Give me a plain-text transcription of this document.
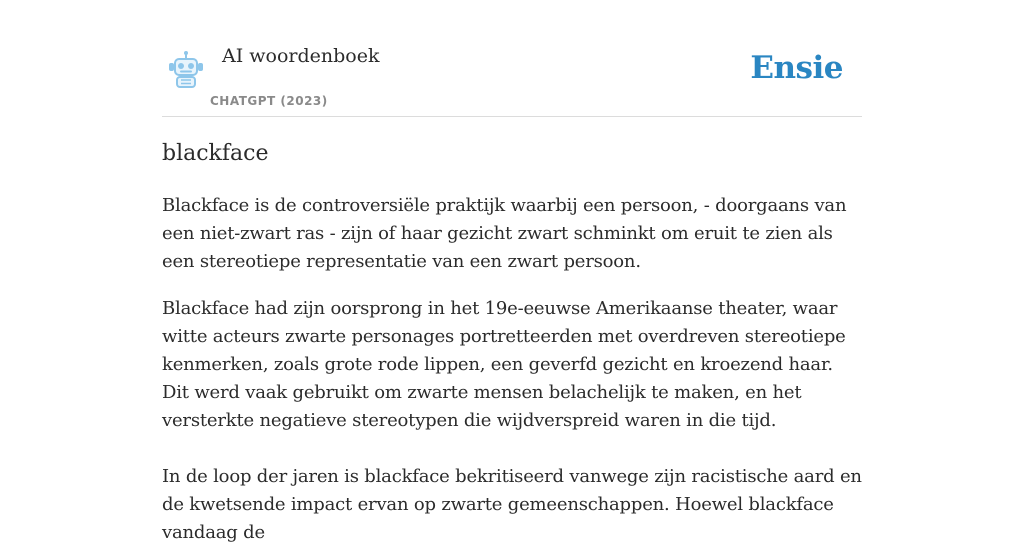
AI woordenboek
CHATGPT (2023)
Ensie
blackface

Blackface is de controversiële praktijk waarbij een persoon, - doorgaans van een niet-zwart ras - zijn of haar gezicht zwart schminkt om eruit te zien als een stereotiepe representatie van een zwart persoon.

Blackface had zijn oorsprong in het 19e-eeuwse Amerikaanse theater, waar witte acteurs zwarte personages portretteerden met overdreven stereotiepe kenmerken, zoals grote rode lippen, een geverfd gezicht en kroezend haar. Dit werd vaak gebruikt om zwarte mensen belachelijk te maken, en het versterkte negatieve stereotypen die wijdverspreid waren in die tijd.

In de loop der jaren is blackface bekritiseerd vanwege zijn racistische aard en de kwetsende impact ervan op zwarte gemeenschappen. Hoewel blackface vandaag de
